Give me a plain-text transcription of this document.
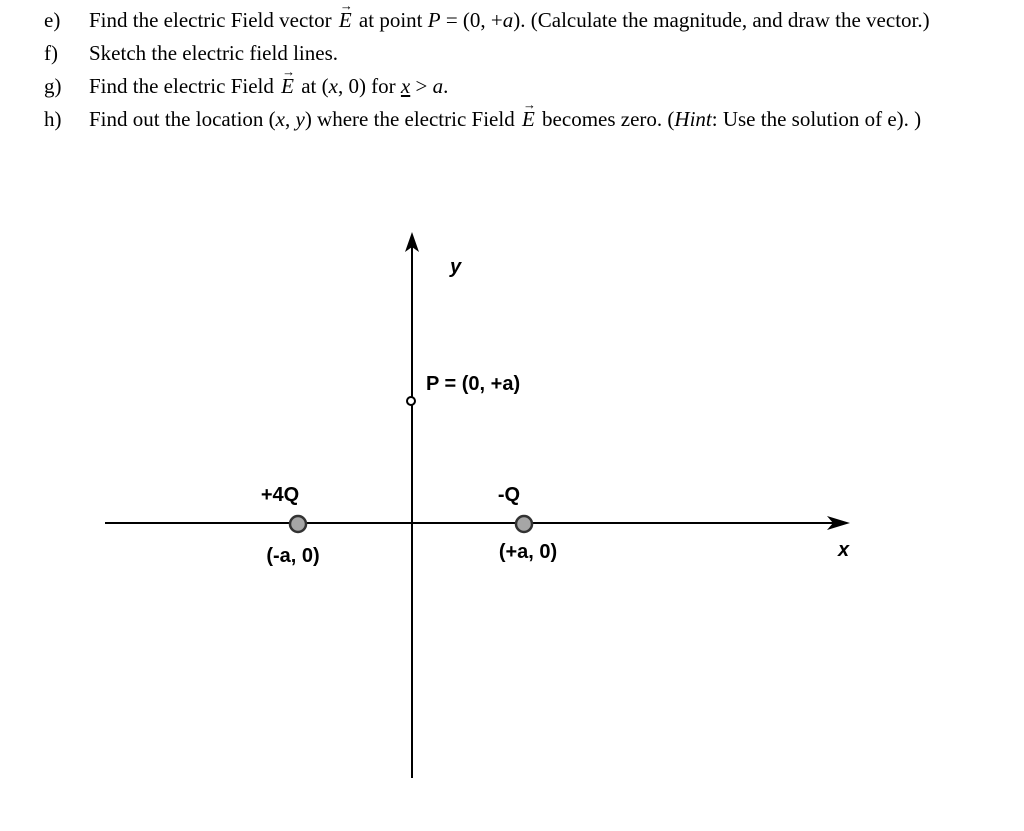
e)	Find the electric Field vector → E at point P = (0, +a). (Calculate the magnitude, and draw the vector.)
f)	Sketch the electric field lines.
g)	Find the electric Field → E at (x, 0) for x > a.
h)	Find out the location (x, y) where the electric Field → E becomes zero. (Hint: Use the solution of e). )
y
x
P = (0, +a)
+4Q
(-a, 0)
-Q
(+a, 0)
